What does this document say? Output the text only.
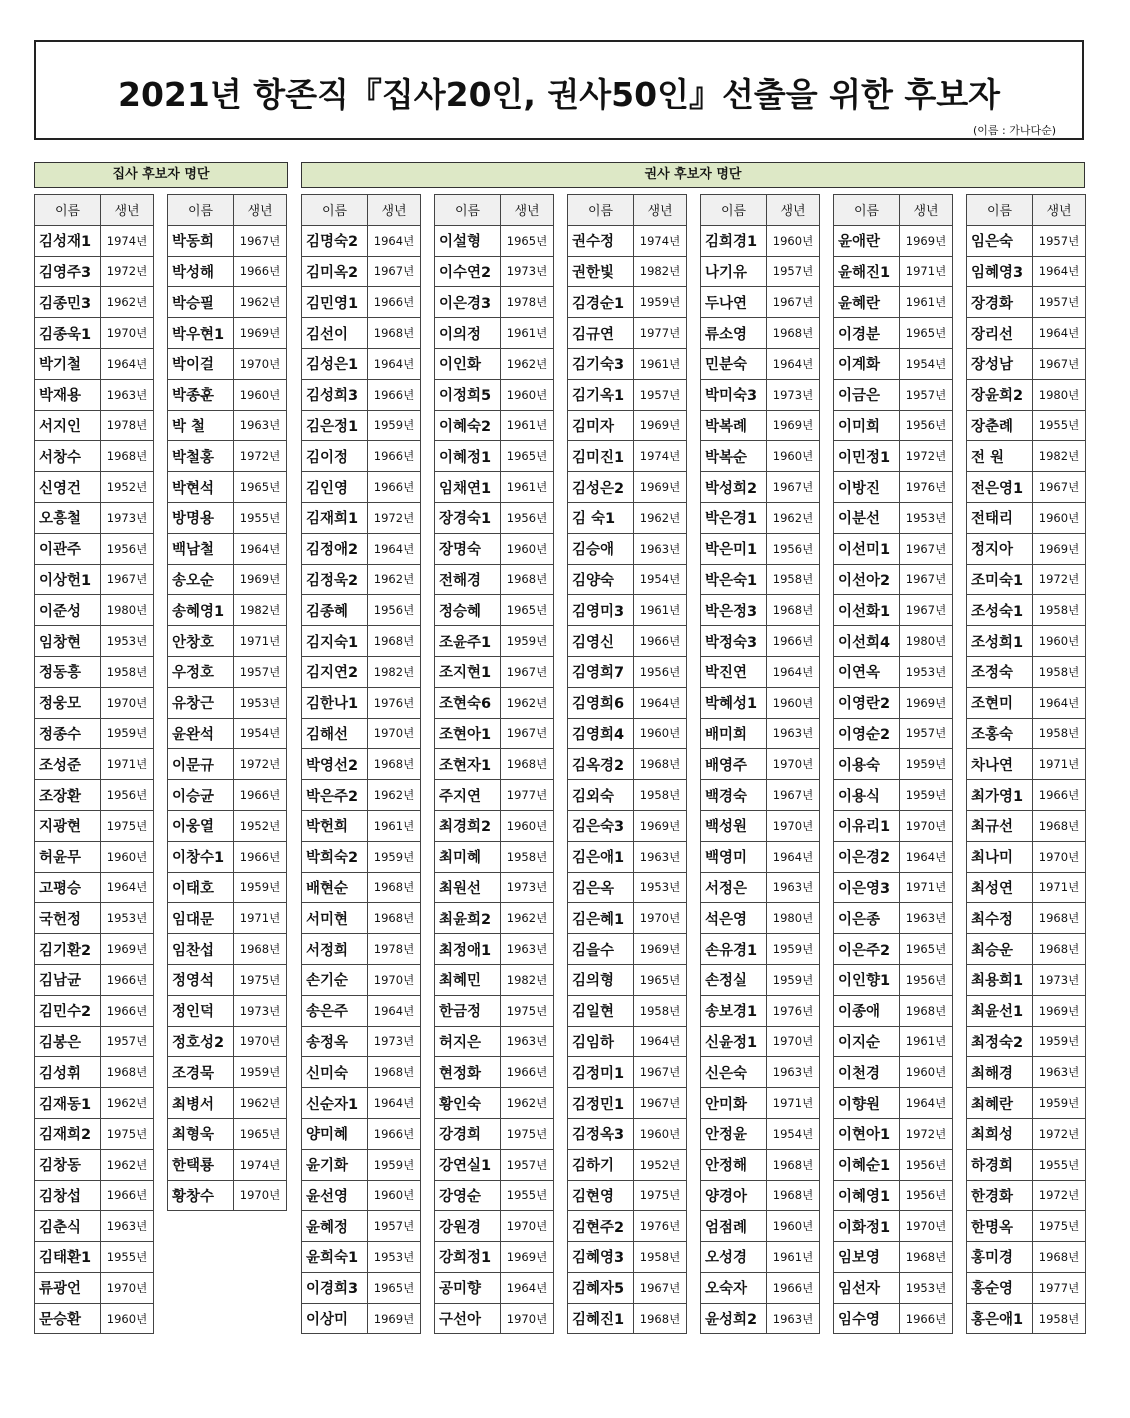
2021년 항존직『집사20인, 권사50인』선출을 위한 후보자
(이름 : 가나다순)
집사 후보자 명단	권사 후보자 명단
이름	생년
김성재1	1974년
김영주3	1972년
김종민3	1962년
김종욱1	1970년
박기철	1964년
박재용	1963년
서지인	1978년
서창수	1968년
신영건	1952년
오흥철	1973년
이관주	1956년
이상헌1	1967년
이준성	1980년
임창현	1953년
정동흥	1958년
정웅모	1970년
정종수	1959년
조성준	1971년
조장환	1956년
지광현	1975년
허윤무	1960년
고평승	1964년
국헌정	1953년
김기환2	1969년
김남균	1966년
김민수2	1966년
김봉은	1957년
김성휘	1968년
김재동1	1962년
김재희2	1975년
김창동	1962년
김창섭	1966년
김춘식	1963년
김태환1	1955년
류광언	1970년
문승환	1960년
이름	생년
박동희	1967년
박성해	1966년
박승필	1962년
박우현1	1969년
박이걸	1970년
박종훈	1960년
박 철	1963년
박철홍	1972년
박현석	1965년
방명용	1955년
백남철	1964년
송오순	1969년
송혜영1	1982년
안창호	1971년
우정호	1957년
유창근	1953년
윤완석	1954년
이문규	1972년
이승균	1966년
이웅열	1952년
이창수1	1966년
이태호	1959년
임대문	1971년
임찬섭	1968년
정영석	1975년
정인덕	1973년
정호성2	1970년
조경묵	1959년
최병서	1962년
최형욱	1965년
한택룡	1974년
황창수	1970년
이름	생년
김명숙2	1964년
김미옥2	1967년
김민영1	1966년
김선이	1968년
김성은1	1964년
김성희3	1966년
김은정1	1959년
김이정	1966년
김인영	1966년
김재희1	1972년
김정애2	1964년
김정욱2	1962년
김종혜	1956년
김지숙1	1968년
김지연2	1982년
김한나1	1976년
김해선	1970년
박영선2	1968년
박은주2	1962년
박헌희	1961년
박희숙2	1959년
배현순	1968년
서미현	1968년
서정희	1978년
손기순	1970년
송은주	1964년
송정옥	1973년
신미숙	1968년
신순자1	1964년
양미혜	1966년
윤기화	1959년
윤선영	1960년
윤혜정	1957년
윤희숙1	1953년
이경희3	1965년
이상미	1969년
이름	생년
이설형	1965년
이수연2	1973년
이은경3	1978년
이의정	1961년
이인화	1962년
이정희5	1960년
이혜숙2	1961년
이혜정1	1965년
임채연1	1961년
장경숙1	1956년
장명숙	1960년
전해경	1968년
정승혜	1965년
조윤주1	1959년
조지현1	1967년
조현숙6	1962년
조현아1	1967년
조현자1	1968년
주지연	1977년
최경희2	1960년
최미혜	1958년
최원선	1973년
최윤희2	1962년
최정애1	1963년
최혜민	1982년
한금정	1975년
허지은	1963년
현정화	1966년
황인숙	1962년
강경희	1975년
강연실1	1957년
강영순	1955년
강원경	1970년
강희정1	1969년
공미향	1964년
구선아	1970년
이름	생년
권수정	1974년
권한빛	1982년
김경순1	1959년
김규연	1977년
김기숙3	1961년
김기옥1	1957년
김미자	1969년
김미진1	1974년
김성은2	1969년
김 숙1	1962년
김승애	1963년
김양숙	1954년
김영미3	1961년
김영신	1966년
김영희7	1956년
김영희6	1964년
김영희4	1960년
김옥경2	1968년
김외숙	1958년
김은숙3	1969년
김은애1	1963년
김은옥	1953년
김은혜1	1970년
김을수	1969년
김의형	1965년
김일현	1958년
김임하	1964년
김정미1	1967년
김정민1	1967년
김정옥3	1960년
김하기	1952년
김현영	1975년
김현주2	1976년
김혜영3	1958년
김혜자5	1967년
김혜진1	1968년
이름	생년
김희경1	1960년
나기유	1957년
두나연	1967년
류소영	1968년
민분숙	1964년
박미숙3	1973년
박복례	1969년
박복순	1960년
박성희2	1967년
박은경1	1962년
박은미1	1956년
박은숙1	1958년
박은정3	1968년
박정숙3	1966년
박진연	1964년
박혜성1	1960년
배미희	1963년
배영주	1970년
백경숙	1967년
백성원	1970년
백영미	1964년
서정은	1963년
석은영	1980년
손유경1	1959년
손정실	1959년
송보경1	1976년
신윤정1	1970년
신은숙	1963년
안미화	1971년
안정윤	1954년
안정해	1968년
양경아	1968년
엄점례	1960년
오성경	1961년
오숙자	1966년
윤성희2	1963년
이름	생년
윤애란	1969년
윤해진1	1971년
윤혜란	1961년
이경분	1965년
이계화	1954년
이금은	1957년
이미희	1956년
이민정1	1972년
이방진	1976년
이분선	1953년
이선미1	1967년
이선아2	1967년
이선화1	1967년
이선희4	1980년
이연옥	1953년
이영란2	1969년
이영순2	1957년
이용숙	1959년
이용식	1959년
이유리1	1970년
이은경2	1964년
이은영3	1971년
이은종	1963년
이은주2	1965년
이인향1	1956년
이종애	1968년
이지순	1961년
이천경	1960년
이향원	1964년
이현아1	1972년
이혜순1	1956년
이혜영1	1956년
이화정1	1970년
임보영	1968년
임선자	1953년
임수영	1966년
이름	생년
임은숙	1957년
임혜영3	1964년
장경화	1957년
장리선	1964년
장성남	1967년
장윤희2	1980년
장춘례	1955년
전 원	1982년
전은영1	1967년
전태리	1960년
정지아	1969년
조미숙1	1972년
조성숙1	1958년
조성희1	1960년
조정숙	1958년
조현미	1964년
조홍숙	1958년
차나연	1971년
최가영1	1966년
최규선	1968년
최나미	1970년
최성연	1971년
최수정	1968년
최승운	1968년
최용희1	1973년
최윤선1	1969년
최정숙2	1959년
최해경	1963년
최혜란	1959년
최희성	1972년
하경희	1955년
한경화	1972년
한명옥	1975년
홍미경	1968년
홍순영	1977년
홍은애1	1958년
